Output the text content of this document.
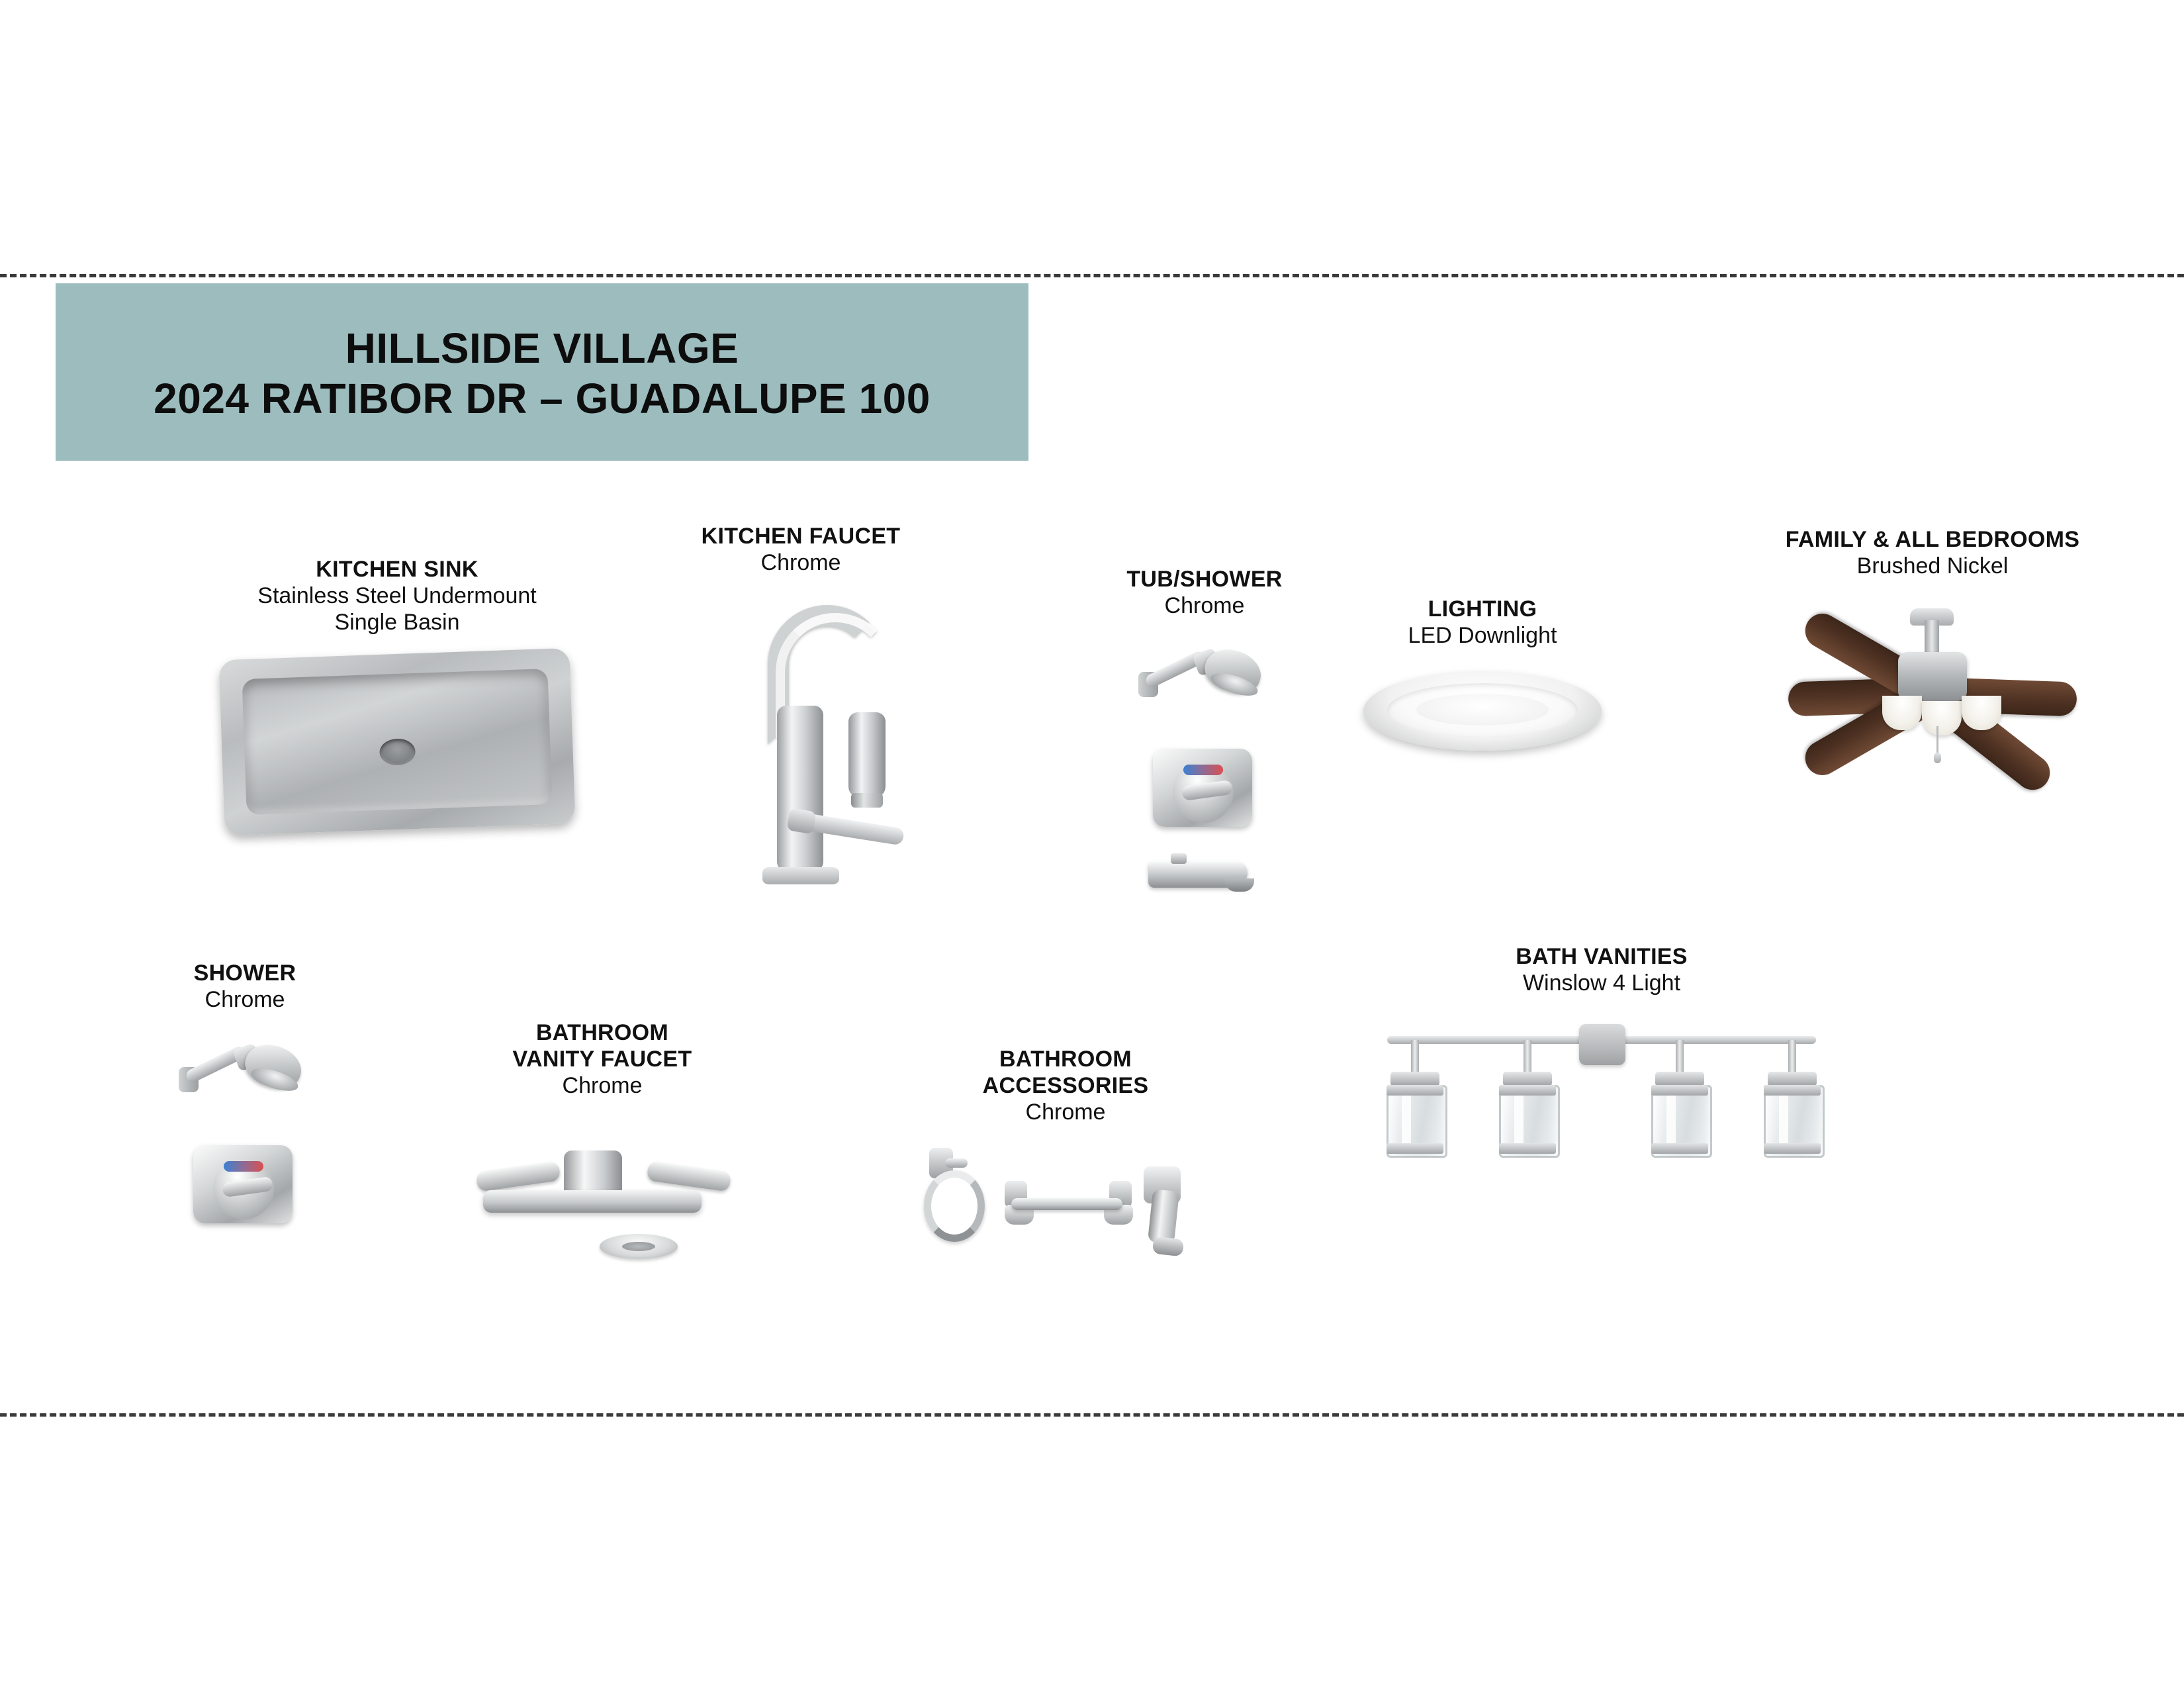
HILLSIDE VILLAGE
2024 RATIBOR DR – GUADALUPE 100
KITCHEN SINK
Stainless Steel Undermount
Single Basin
KITCHEN FAUCET
Chrome
TUB/SHOWER
Chrome	LIGHTING
LED Downlight
FAMILY & ALL BEDROOMS
Brushed Nickel
SHOWER
Chrome
BATHROOM
VANITY FAUCET
Chrome
BATHROOM
ACCESSORIES
Chrome
BATH VANITIES
Winslow 4 Light
